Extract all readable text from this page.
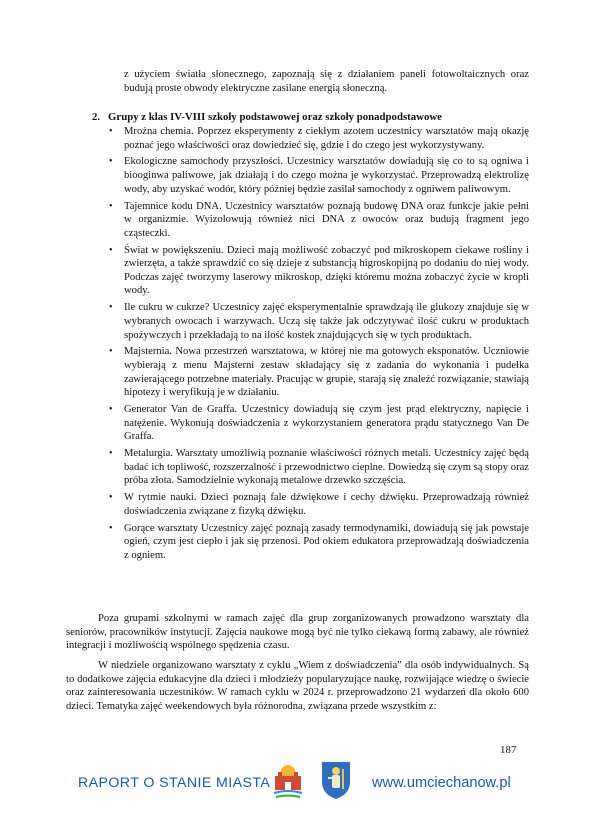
z użyciem światła słonecznego, zapoznają się z działaniem paneli fotowoltaicznych oraz budują proste obwody elektryczne zasilane energią słoneczną.
2. Grupy z klas IV-VIII szkoły podstawowej oraz szkoły ponadpodstawowe
• Mroźna chemia. Poprzez eksperymenty z ciekłym azotem uczestnicy warsztatów mają okazję poznać jego właściwości oraz dowiedzieć się, gdzie i do czego jest wykorzystywany.
• Ekologiczne samochody przyszłości. Uczestnicy warsztatów dowiadują się co to są ogniwa i biooginwa paliwowe, jak działają i do czego można je wykorzystać. Przeprowadzą elektrolizę wody, aby uzyskać wodór, który później będzie zasilał samochody z ogniwem paliwowym.
• Tajemnice kodu DNA. Uczestnicy warsztatów poznają budowę DNA oraz funkcje jakie pełni w organizmie. Wyizolowują również nici DNA z owoców oraz budują fragment jego cząsteczki.
• Świat w powiększeniu. Dzieci mają możliwość zobaczyć pod mikroskopem ciekawe rośliny i zwierzęta, a także sprawdzić co się dzieje z substancją higroskopijną po dodaniu do niej wody. Podczas zajęć tworzymy laserowy mikroskop, dzięki któremu można zobaczyć życie w kropli wody.
• Ile cukru w cukrze? Uczestnicy zajęć eksperymentalnie sprawdzają ile glukozy znajduje się w wybranych owocach i warzywach. Uczą się także jak odczytywać ilość cukru w produktach spożywczych i przekładają to na ilość kostek znajdujących się w tych produktach.
• Majsternia. Nowa przestrzeń warsztatowa, w której nie ma gotowych eksponatów. Uczniowie wybierają z menu Majsterni zestaw składający się z zadania do wykonania i pudełka zawierającego potrzebne materiały. Pracując w grupie, starają się znaleźć rozwiązanie, stawiają hipotezy i weryfikują je w działaniu.
• Generator Van de Graffa. Uczestnicy dowiadują się czym jest prąd elektryczny, napięcie i natężenie. Wykonują doświadczenia z wykorzystaniem generatora prądu statycznego Van De Graffa.
• Metalurgia. Warsztaty umożliwią poznanie właściwości różnych metali. Uczestnicy zajęć będą badać ich topliwość, rozszerzalność i przewodnictwo cieplne. Dowiedzą się czym są stopy oraz próba złota. Samodzielnie wykonają metalowe drzewko szczęścia.
• W rytmie nauki. Dzieci poznają fale dźwiękowe i cechy dźwięku. Przeprowadzają również doświadczenia związane z fizyką dźwięku.
• Gorące warsztaty Uczestnicy zajęć poznają zasady termodynamiki, dowiadują się jak powstaje ogień, czym jest ciepło i jak się przenosi. Pod okiem edukatora przeprowadzają doświadczenia z ogniem.

Poza grupami szkolnymi w ramach zajęć dla grup zorganizowanych prowadzono warsztaty dla seniorów, pracowników instytucji. Zajęcia naukowe mogą być nie tylko ciekawą formą zabawy, ale również integracji i możliwością wspólnego spędzenia czasu.

W niedziele organizowano warsztaty z cyklu „Wiem z doświadczenia” dla osób indywidualnych. Są to dodatkowe zajęcia edukacyjne dla dzieci i młodzieży popularyzujące naukę, rozwijające wiedzę o świecie oraz zainteresowania uczestników. W ramach cyklu w 2024 r. przeprowadzono 21 wydarzeń dla około 600 dzieci. Tematyka zajęć weekendowych była różnorodna, związana przede wszystkim z:

187
RAPORT O STANIE MIASTA	www.umciechanow.pl
